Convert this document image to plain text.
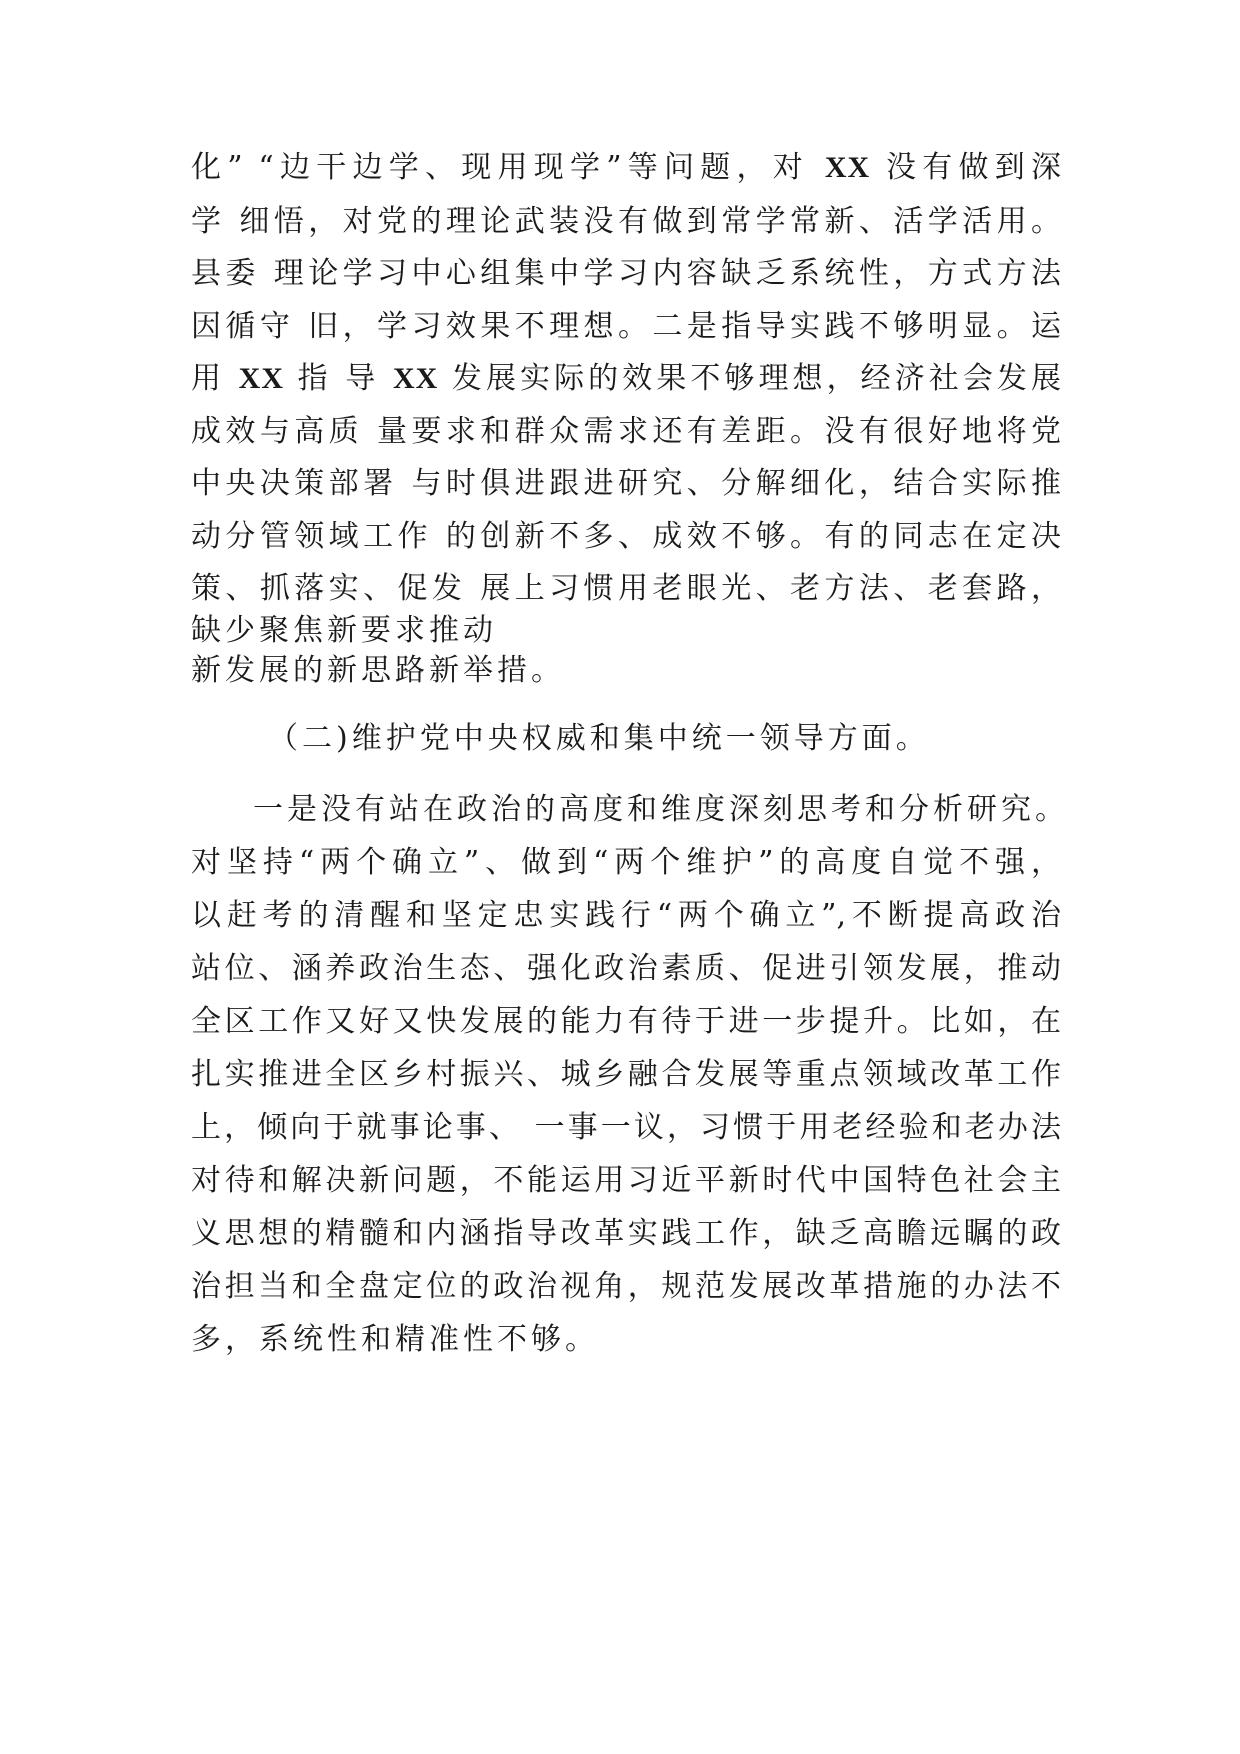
化” “边干边学、现用现学”等问题，对 XX 没有做到深
学 细悟，对党的理论武装没有做到常学常新、活学活用。
县委 理论学习中心组集中学习内容缺乏系统性，方式方法
因循守 旧，学习效果不理想。二是指导实践不够明显。运
用 XX 指 导 XX 发展实际的效果不够理想，经济社会发展
成效与高质 量要求和群众需求还有差距。没有很好地将党
中央决策部署 与时俱进跟进研究、分解细化，结合实际推
动分管领域工作 的创新不多、成效不够。有的同志在定决
策、抓落实、促发 展上习惯用老眼光、老方法、老套路，
缺少聚焦新要求推动
新发展的新思路新举措。
（二)维护党中央权威和集中统一领导方面。
一是没有站在政治的高度和维度深刻思考和分析研究。
对坚持“两个确立”、做到“两个维护”的高度自觉不强，
以赶考的清醒和坚定忠实践行“两个确立”,不断提高政治
站位、涵养政治生态、强化政治素质、促进引领发展，推动
全区工作又好又快发展的能力有待于进一步提升。比如，在
扎实推进全区乡村振兴、城乡融合发展等重点领域改革工作
上，倾向于就事论事、 一事一议，习惯于用老经验和老办法
对待和解决新问题，不能运用习近平新时代中国特色社会主
义思想的精髓和内涵指导改革实践工作，缺乏高瞻远瞩的政
治担当和全盘定位的政治视角，规范发展改革措施的办法不
多，系统性和精准性不够。
